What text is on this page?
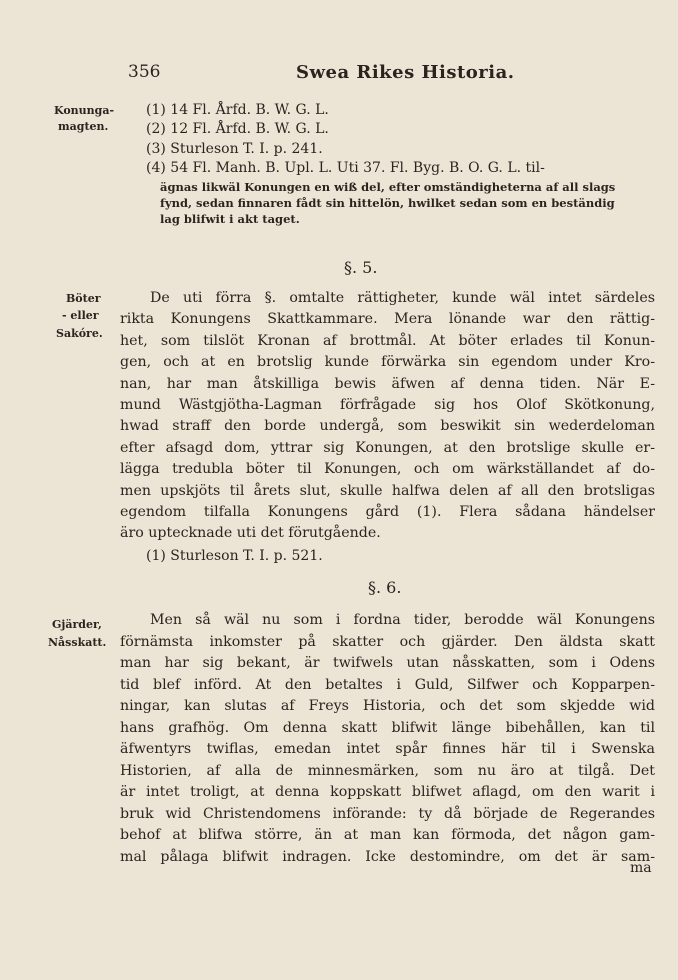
356	Swea Rikes Historia.
Konunga-
magten.
(1) 14 Fl. Årfd. B. W. G. L.
(2) 12 Fl. Årfd. B. W. G. L.
(3) Sturleson T. I. p. 241.
(4) 54 Fl. Manh. B. Upl. L. Uti 37. Fl. Byg. B. O. G. L. til-
ägnas likwäl Konungen en wiß del, efter omständigheterna af all slags
fynd, sedan finnaren fådt sin hittelön, hwilket sedan som en beständig
lag blifwit i akt taget.
§. 5.
Böter
- eller
Sakóre.
De uti förra §. omtalte rättigheter, kunde wäl intet särdeles
rikta Konungens Skattkammare. Mera lönande war den rättig-
het, som tilslöt Kronan af brottmål. At böter erlades til Konun-
gen, och at en brotslig kunde förwärka sin egendom under Kro-
nan, har man åtskilliga bewis äfwen af denna tiden. När E-
mund Wästgjötha-Lagman förfrågade sig hos Olof Skötkonung,
hwad straff den borde undergå, som beswikit sin wederdeloman
efter afsagd dom, yttrar sig Konungen, at den brotslige skulle er-
lägga tredubla böter til Konungen, och om wärkställandet af do-
men upskjöts til årets slut, skulle halfwa delen af all den brotsligas
egendom tilfalla Konungens gård (1). Flera sådana händelser
äro uptecknade uti det förutgående.
(1) Sturleson T. I. p. 521.
§. 6.
Gjärder,
Nåsskatt.
Men så wäl nu som i fordna tider, berodde wäl Konungens
förnämsta inkomster på skatter och gjärder. Den äldsta skatt
man har sig bekant, är twifwels utan nåsskatten, som i Odens
tid blef införd. At den betaltes i Guld, Silfwer och Kopparpen-
ningar, kan slutas af Freys Historia, och det som skjedde wid
hans grafhög. Om denna skatt blifwit länge bibehållen, kan til
äfwentyrs twiflas, emedan intet spår finnes här til i Swenska
Historien, af alla de minnesmärken, som nu äro at tilgå. Det
är intet troligt, at denna koppskatt blifwet aflagd, om den warit i
bruk wid Christendomens införande: ty då började de Regerandes
behof at blifwa större, än at man kan förmoda, det någon gam-
mal pålaga blifwit indragen. Icke destomindre, om det är sam-
ma
